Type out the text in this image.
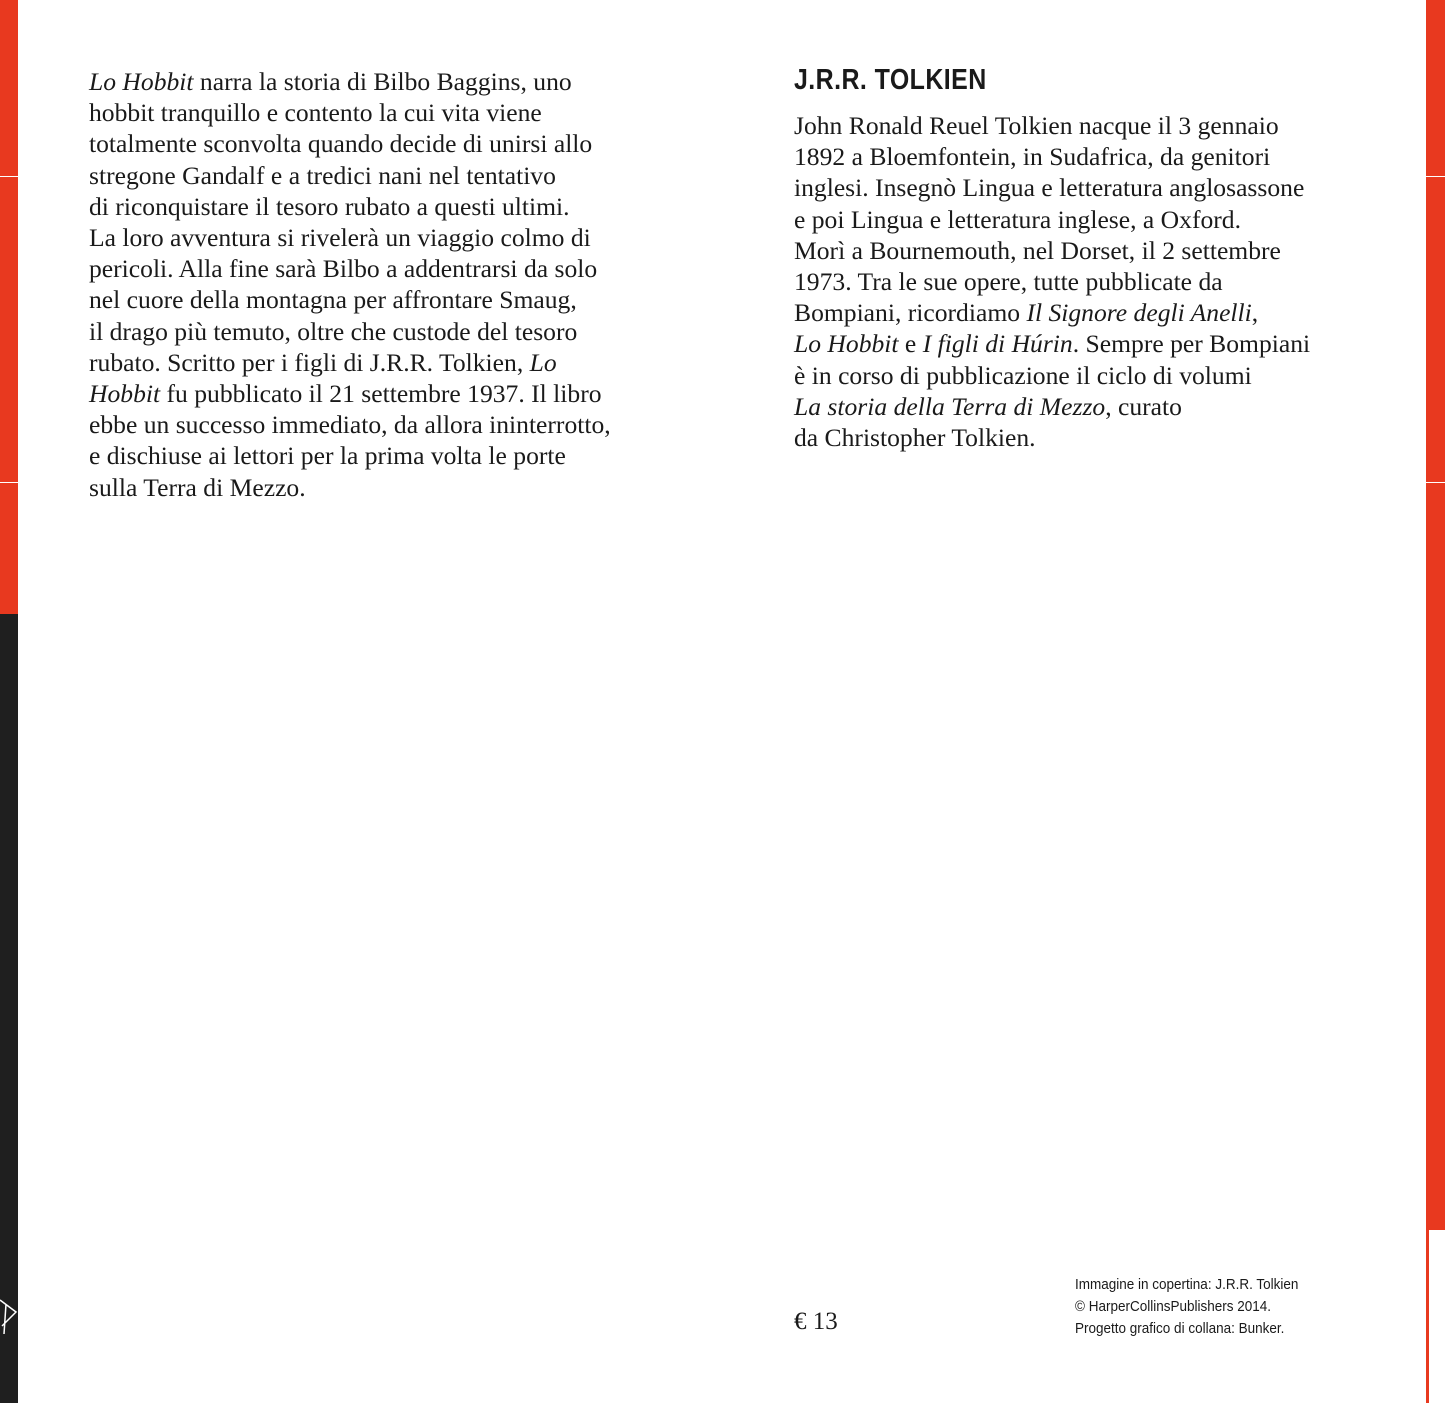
Lo Hobbit narra la storia di Bilbo Baggins, uno
hobbit tranquillo e contento la cui vita viene
totalmente sconvolta quando decide di unirsi allo
stregone Gandalf e a tredici nani nel tentativo
di riconquistare il tesoro rubato a questi ultimi.
La loro avventura si rivelerà un viaggio colmo di
pericoli. Alla fine sarà Bilbo a addentrarsi da solo
nel cuore della montagna per affrontare Smaug,
il drago più temuto, oltre che custode del tesoro
rubato. Scritto per i figli di J.R.R. Tolkien, Lo
Hobbit fu pubblicato il 21 settembre 1937. Il libro
ebbe un successo immediato, da allora ininterrotto,
e dischiuse ai lettori per la prima volta le porte
sulla Terra di Mezzo.
J.R.R. TOLKIEN
John Ronald Reuel Tolkien nacque il 3 gennaio
1892 a Bloemfontein, in Sudafrica, da genitori
inglesi. Insegnò Lingua e letteratura anglosassone
e poi Lingua e letteratura inglese, a Oxford.
Morì a Bournemouth, nel Dorset, il 2 settembre
1973. Tra le sue opere, tutte pubblicate da
Bompiani, ricordiamo Il Signore degli Anelli,
Lo Hobbit e I figli di Húrin. Sempre per Bompiani
è in corso di pubblicazione il ciclo di volumi
La storia della Terra di Mezzo, curato
da Christopher Tolkien.
€ 13
Immagine in copertina: J.R.R. Tolkien
© HarperCollinsPublishers 2014.
Progetto grafico di collana: Bunker.
